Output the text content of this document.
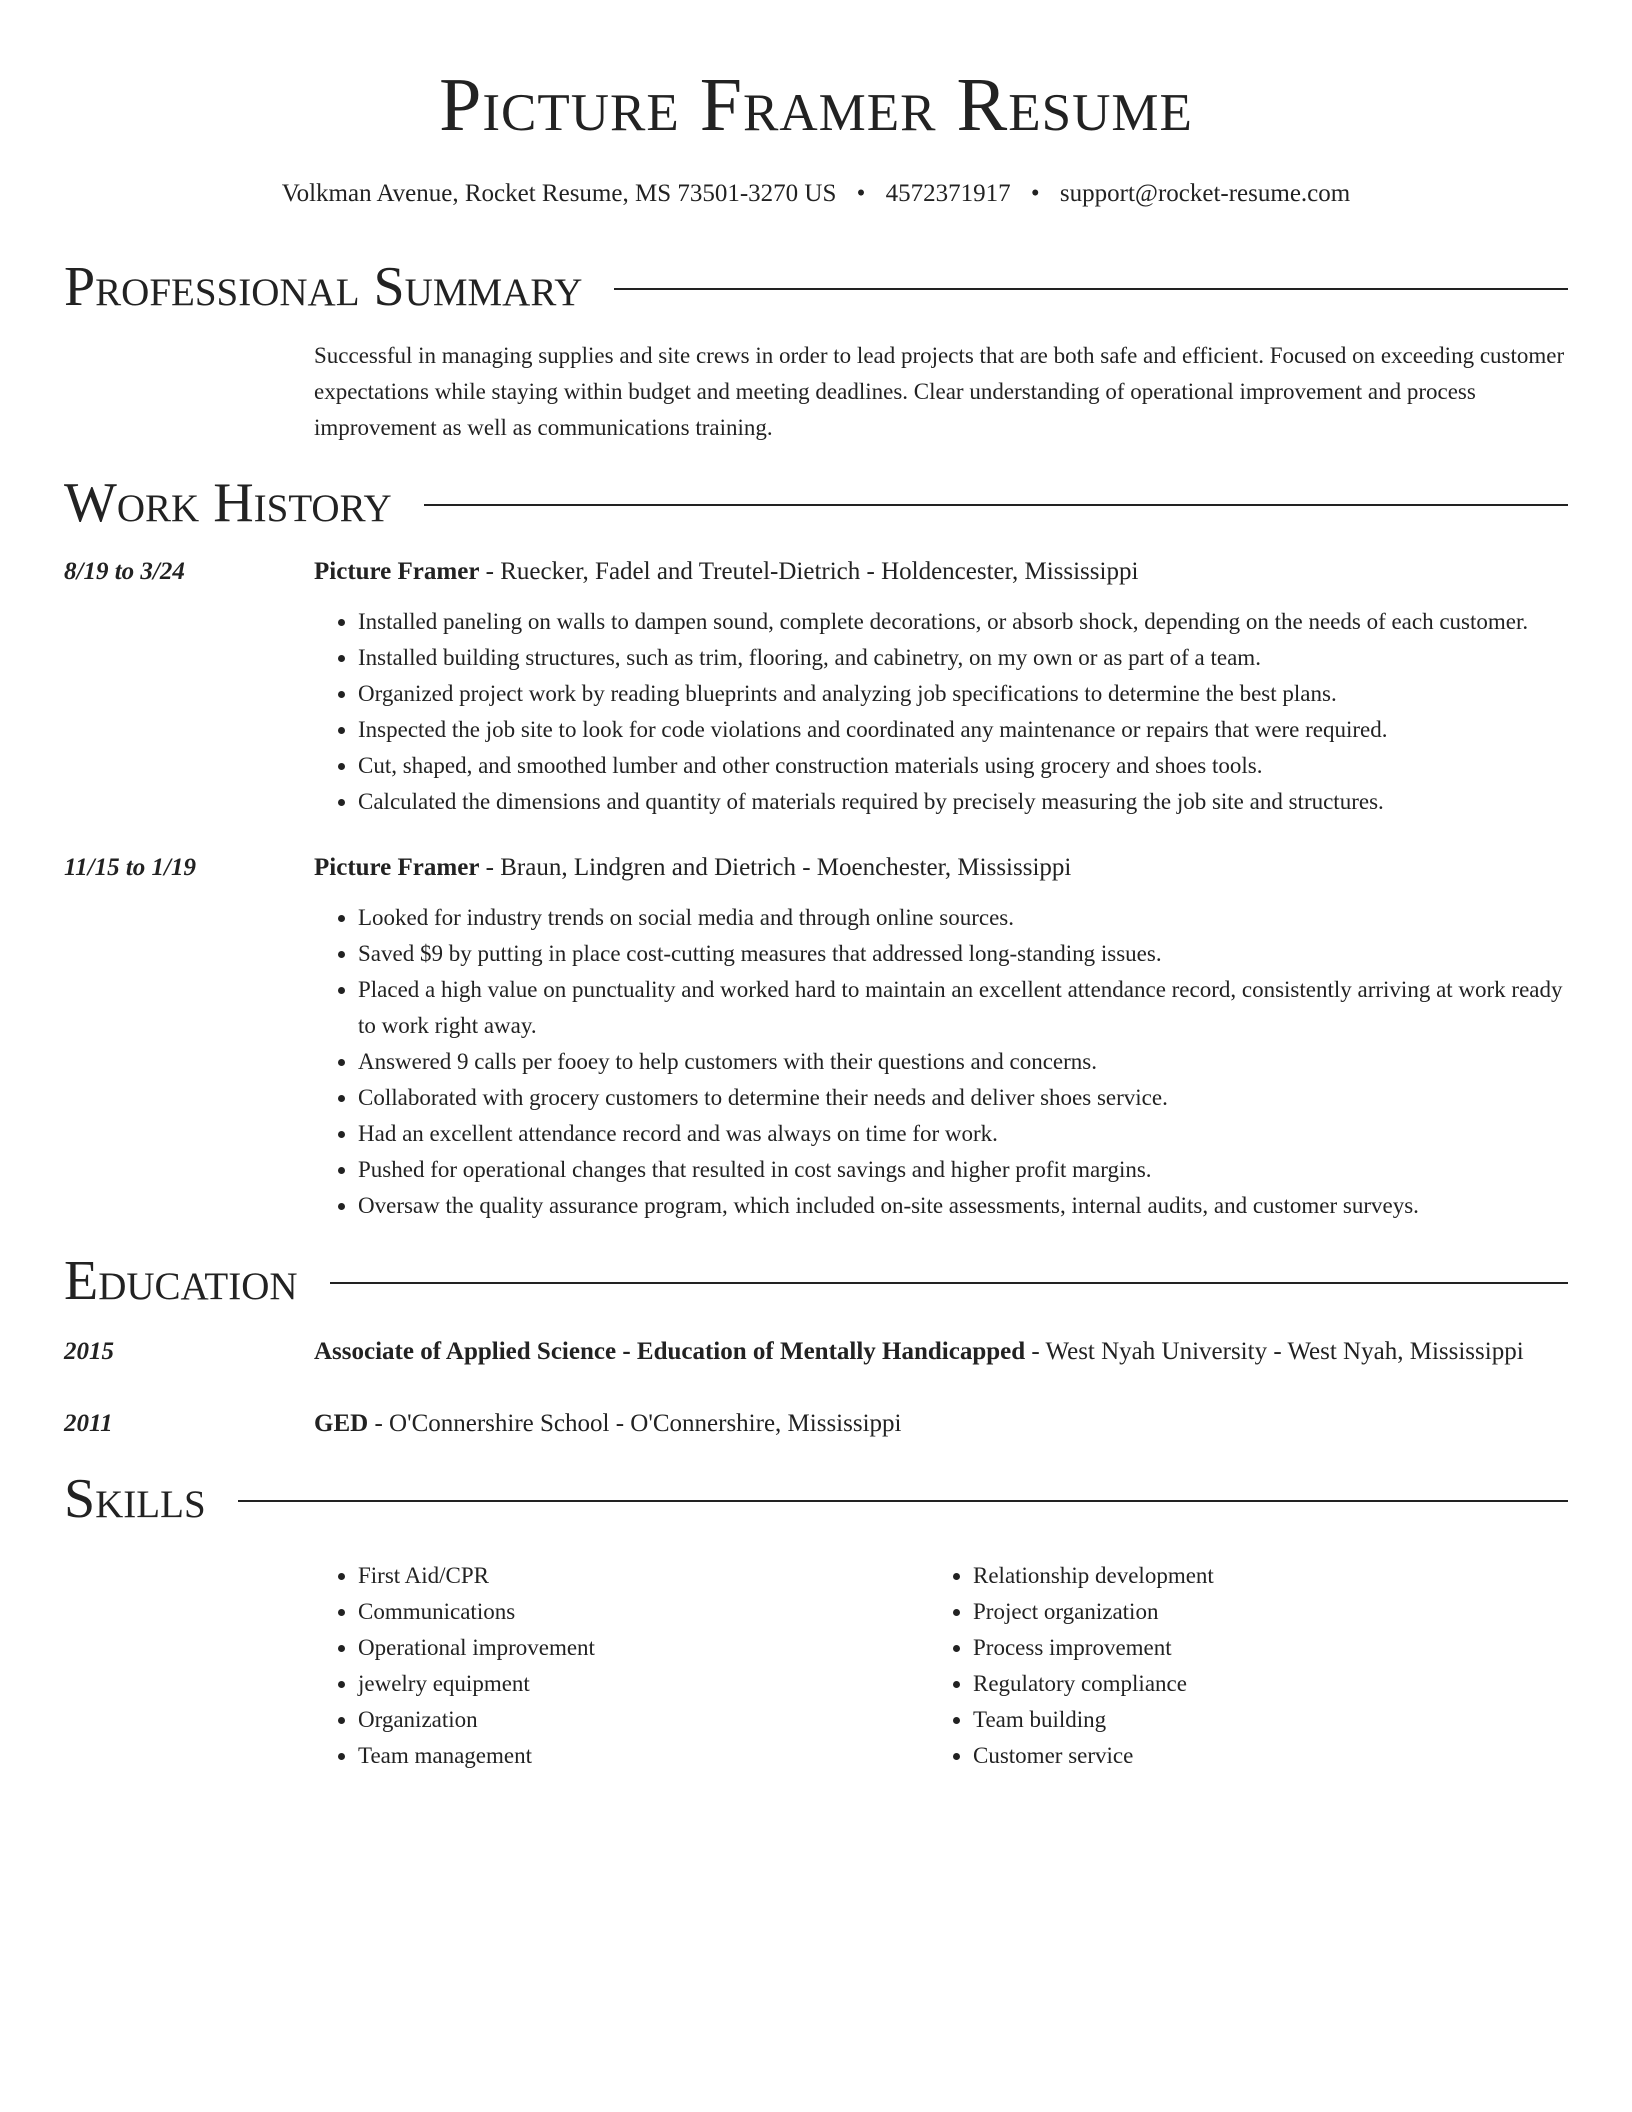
Picture Framer Resume
Volkman Avenue, Rocket Resume, MS 73501-3270 US • 4572371917 • support@rocket-resume.com
Professional Summary
Successful in managing supplies and site crews in order to lead projects that are both safe and efficient. Focused on exceeding customer expectations while staying within budget and meeting deadlines. Clear understanding of operational improvement and process improvement as well as communications training.
Work History
8/19 to 3/24	Picture Framer - Ruecker, Fadel and Treutel-Dietrich - Holdencester, Mississippi
• Installed paneling on walls to dampen sound, complete decorations, or absorb shock, depending on the needs of each customer.
• Installed building structures, such as trim, flooring, and cabinetry, on my own or as part of a team.
• Organized project work by reading blueprints and analyzing job specifications to determine the best plans.
• Inspected the job site to look for code violations and coordinated any maintenance or repairs that were required.
• Cut, shaped, and smoothed lumber and other construction materials using grocery and shoes tools.
• Calculated the dimensions and quantity of materials required by precisely measuring the job site and structures.
11/15 to 1/19	Picture Framer - Braun, Lindgren and Dietrich - Moenchester, Mississippi
• Looked for industry trends on social media and through online sources.
• Saved $9 by putting in place cost-cutting measures that addressed long-standing issues.
• Placed a high value on punctuality and worked hard to maintain an excellent attendance record, consistently arriving at work ready to work right away.
• Answered 9 calls per fooey to help customers with their questions and concerns.
• Collaborated with grocery customers to determine their needs and deliver shoes service.
• Had an excellent attendance record and was always on time for work.
• Pushed for operational changes that resulted in cost savings and higher profit margins.
• Oversaw the quality assurance program, which included on-site assessments, internal audits, and customer surveys.
Education
2015	Associate of Applied Science - Education of Mentally Handicapped - West Nyah University - West Nyah, Mississippi
2011	GED - O'Connershire School - O'Connershire, Mississippi
Skills
• First Aid/CPR
• Communications
• Operational improvement
• jewelry equipment
• Organization
• Team management
• Relationship development
• Project organization
• Process improvement
• Regulatory compliance
• Team building
• Customer service
